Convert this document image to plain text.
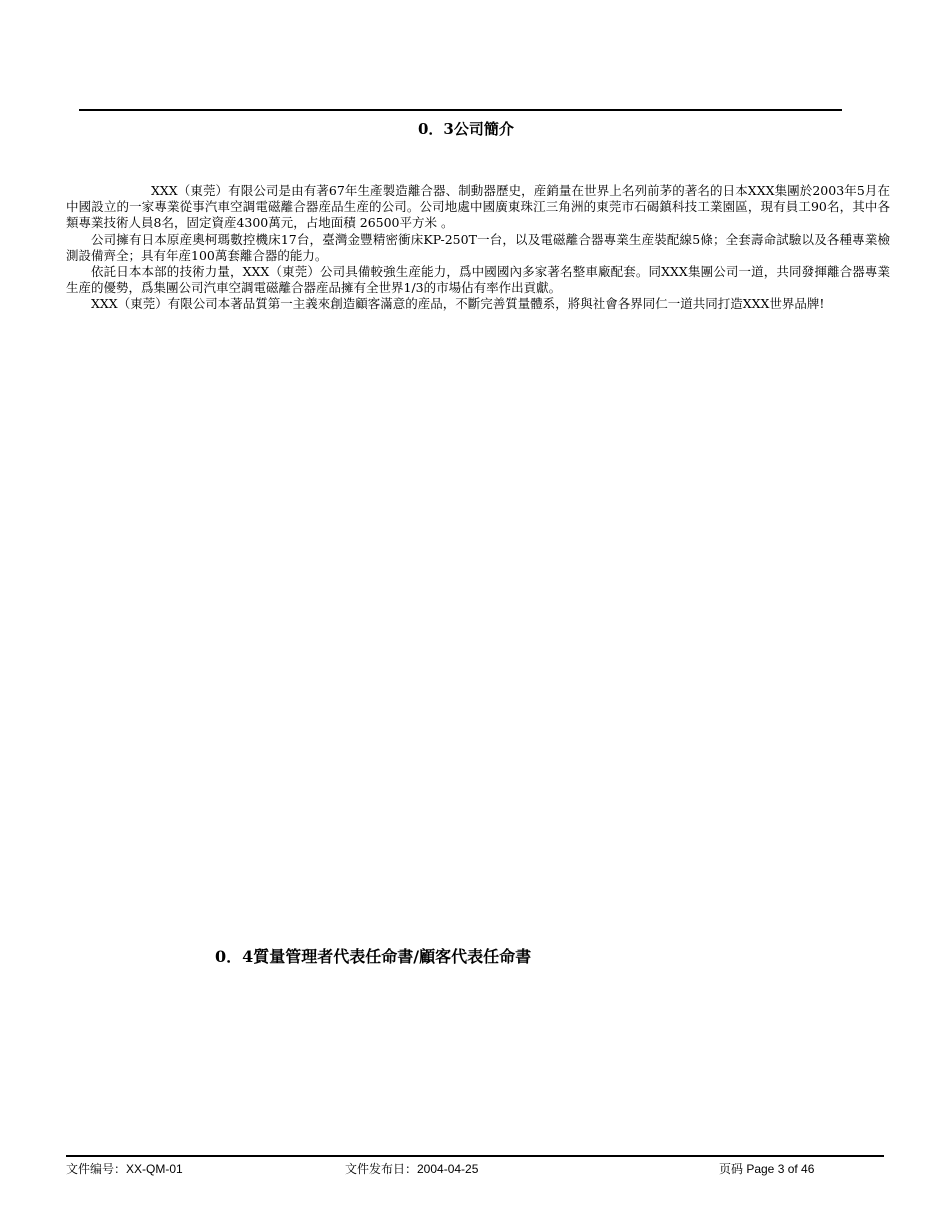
0．3公司簡介

XXX（東莞）有限公司是由有著67年生產製造離合器、制動器歷史，産銷量在世界上名列前茅的著名的日本XXX集團於2003年5月在中國設立的一家專業從事汽車空調電磁離合器産品生産的公司。公司地處中國廣東珠江三角洲的東莞市石碣鎮科技工業園區，現有員工90名，其中各類專業技術人員8名，固定資産4300萬元，占地面積 26500平方米 。

公司擁有日本原産奧柯瑪數控機床17台，臺灣金豐精密衝床KP-250T一台，以及電磁離合器專業生産裝配線5條；全套壽命試驗以及各種專業檢測設備齊全；具有年産100萬套離合器的能力。

依託日本本部的技術力量，XXX（東莞）公司具備較強生産能力，爲中國國內多家著名整車廠配套。同XXX集團公司一道，共同發揮離合器專業生産的優勢，爲集團公司汽車空調電磁離合器産品擁有全世界1/3的市場佔有率作出貢獻。

XXX（東莞）有限公司本著品質第一主義來創造顧客滿意的産品，不斷完善質量體系，將與社會各界同仁一道共同打造XXX世界品牌!

0．4質量管理者代表任命書/顧客代表任命書
文件编号：XX-QM-01	文件发布日：2004-04-25	页码 Page 3 of 46
